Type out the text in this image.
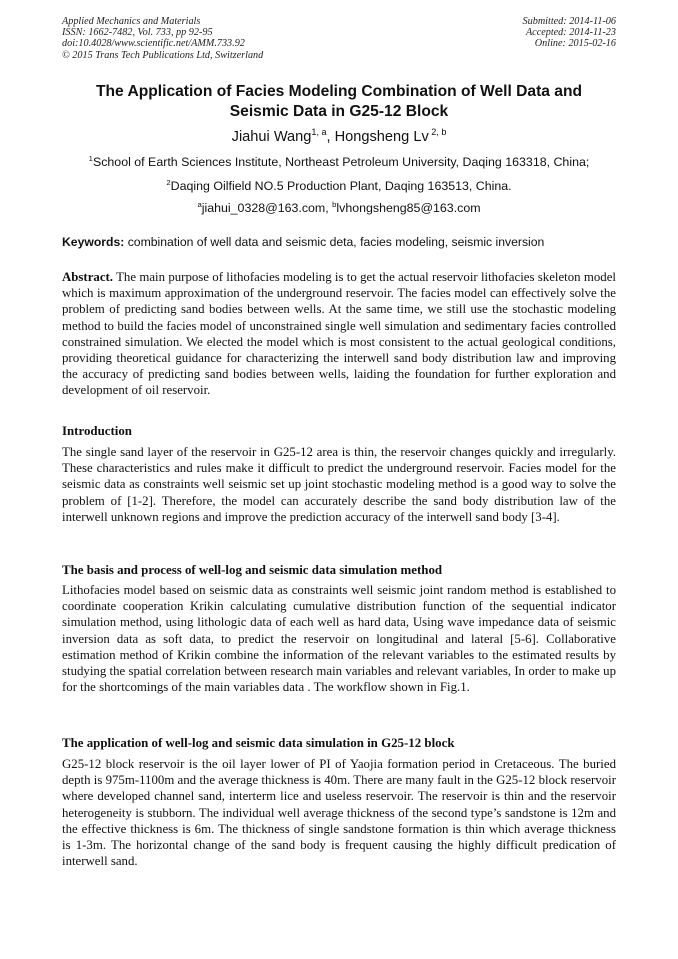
Applied Mechanics and Materials
ISSN: 1662-7482, Vol. 733, pp 92-95
doi:10.4028/www.scientific.net/AMM.733.92
© 2015 Trans Tech Publications Ltd, Switzerland
Submitted: 2014-11-06
Accepted: 2014-11-23
Online: 2015-02-16
The Application of Facies Modeling Combination of Well Data and
Seismic Data in G25-12 Block
Jiahui Wang$^{1, a}$, Hongsheng Lv $^{2, b}$
$^1$School of Earth Sciences Institute, Northeast Petroleum University, Daqing 163318, China;
$^2$Daqing Oilfield NO.5 Production Plant, Daqing 163513, China.
$^a$jiahui_0328@163.com, $^b$lvhongsheng85@163.com
Keywords: combination of well data and seismic deta, facies modeling, seismic inversion

Abstract. The main purpose of lithofacies modeling is to get the actual reservoir lithofacies skeleton model which is maximum approximation of the underground reservoir. The facies model can effectively solve the problem of predicting sand bodies between wells. At the same time, we still use the stochastic modeling method to build the facies model of unconstrained single well simulation and sedimentary facies controlled constrained simulation. We elected the model which is most consistent to the actual geological conditions, providing theoretical guidance for characterizing the interwell sand body distribution law and improving the accuracy of predicting sand bodies between wells, laiding the foundation for further exploration and development of oil reservoir.

Introduction

The single sand layer of the reservoir in G25-12 area is thin, the reservoir changes quickly and irregularly. These characteristics and rules make it difficult to predict the underground reservoir. Facies model for the seismic data as constraints well seismic set up joint stochastic modeling method is a good way to solve the problem of [1-2]. Therefore, the model can accurately describe the sand body distribution law of the interwell unknown regions and improve the prediction accuracy of the interwell sand body [3-4].

The basis and process of well-log and seismic data simulation method

Lithofacies model based on seismic data as constraints well seismic joint random method is established to coordinate cooperation Krikin calculating cumulative distribution function of the sequential indicator simulation method, using lithologic data of each well as hard data, Using wave impedance data of seismic inversion data as soft data, to predict the reservoir on longitudinal and lateral [5-6]. Collaborative estimation method of Krikin combine the information of the relevant variables to the estimated results by studying the spatial correlation between research main variables and relevant variables, In order to make up for the shortcomings of the main variables data . The workflow shown in Fig.1.

The application of well-log and seismic data simulation in G25-12 block

G25-12 block reservoir is the oil layer lower of PI of Yaojia formation period in Cretaceous. The buried depth is 975m-1100m and the average thickness is 40m. There are many fault in the G25-12 block reservoir where developed channel sand, interterm lice and useless reservoir. The reservoir is thin and the reservoir heterogeneity is stubborn. The individual well average thickness of the second type’s sandstone is 12m and the effective thickness is 6m. The thickness of single sandstone formation is thin which average thickness is 1-3m. The horizontal change of the sand body is frequent causing the highly difficult predication of interwell sand.
